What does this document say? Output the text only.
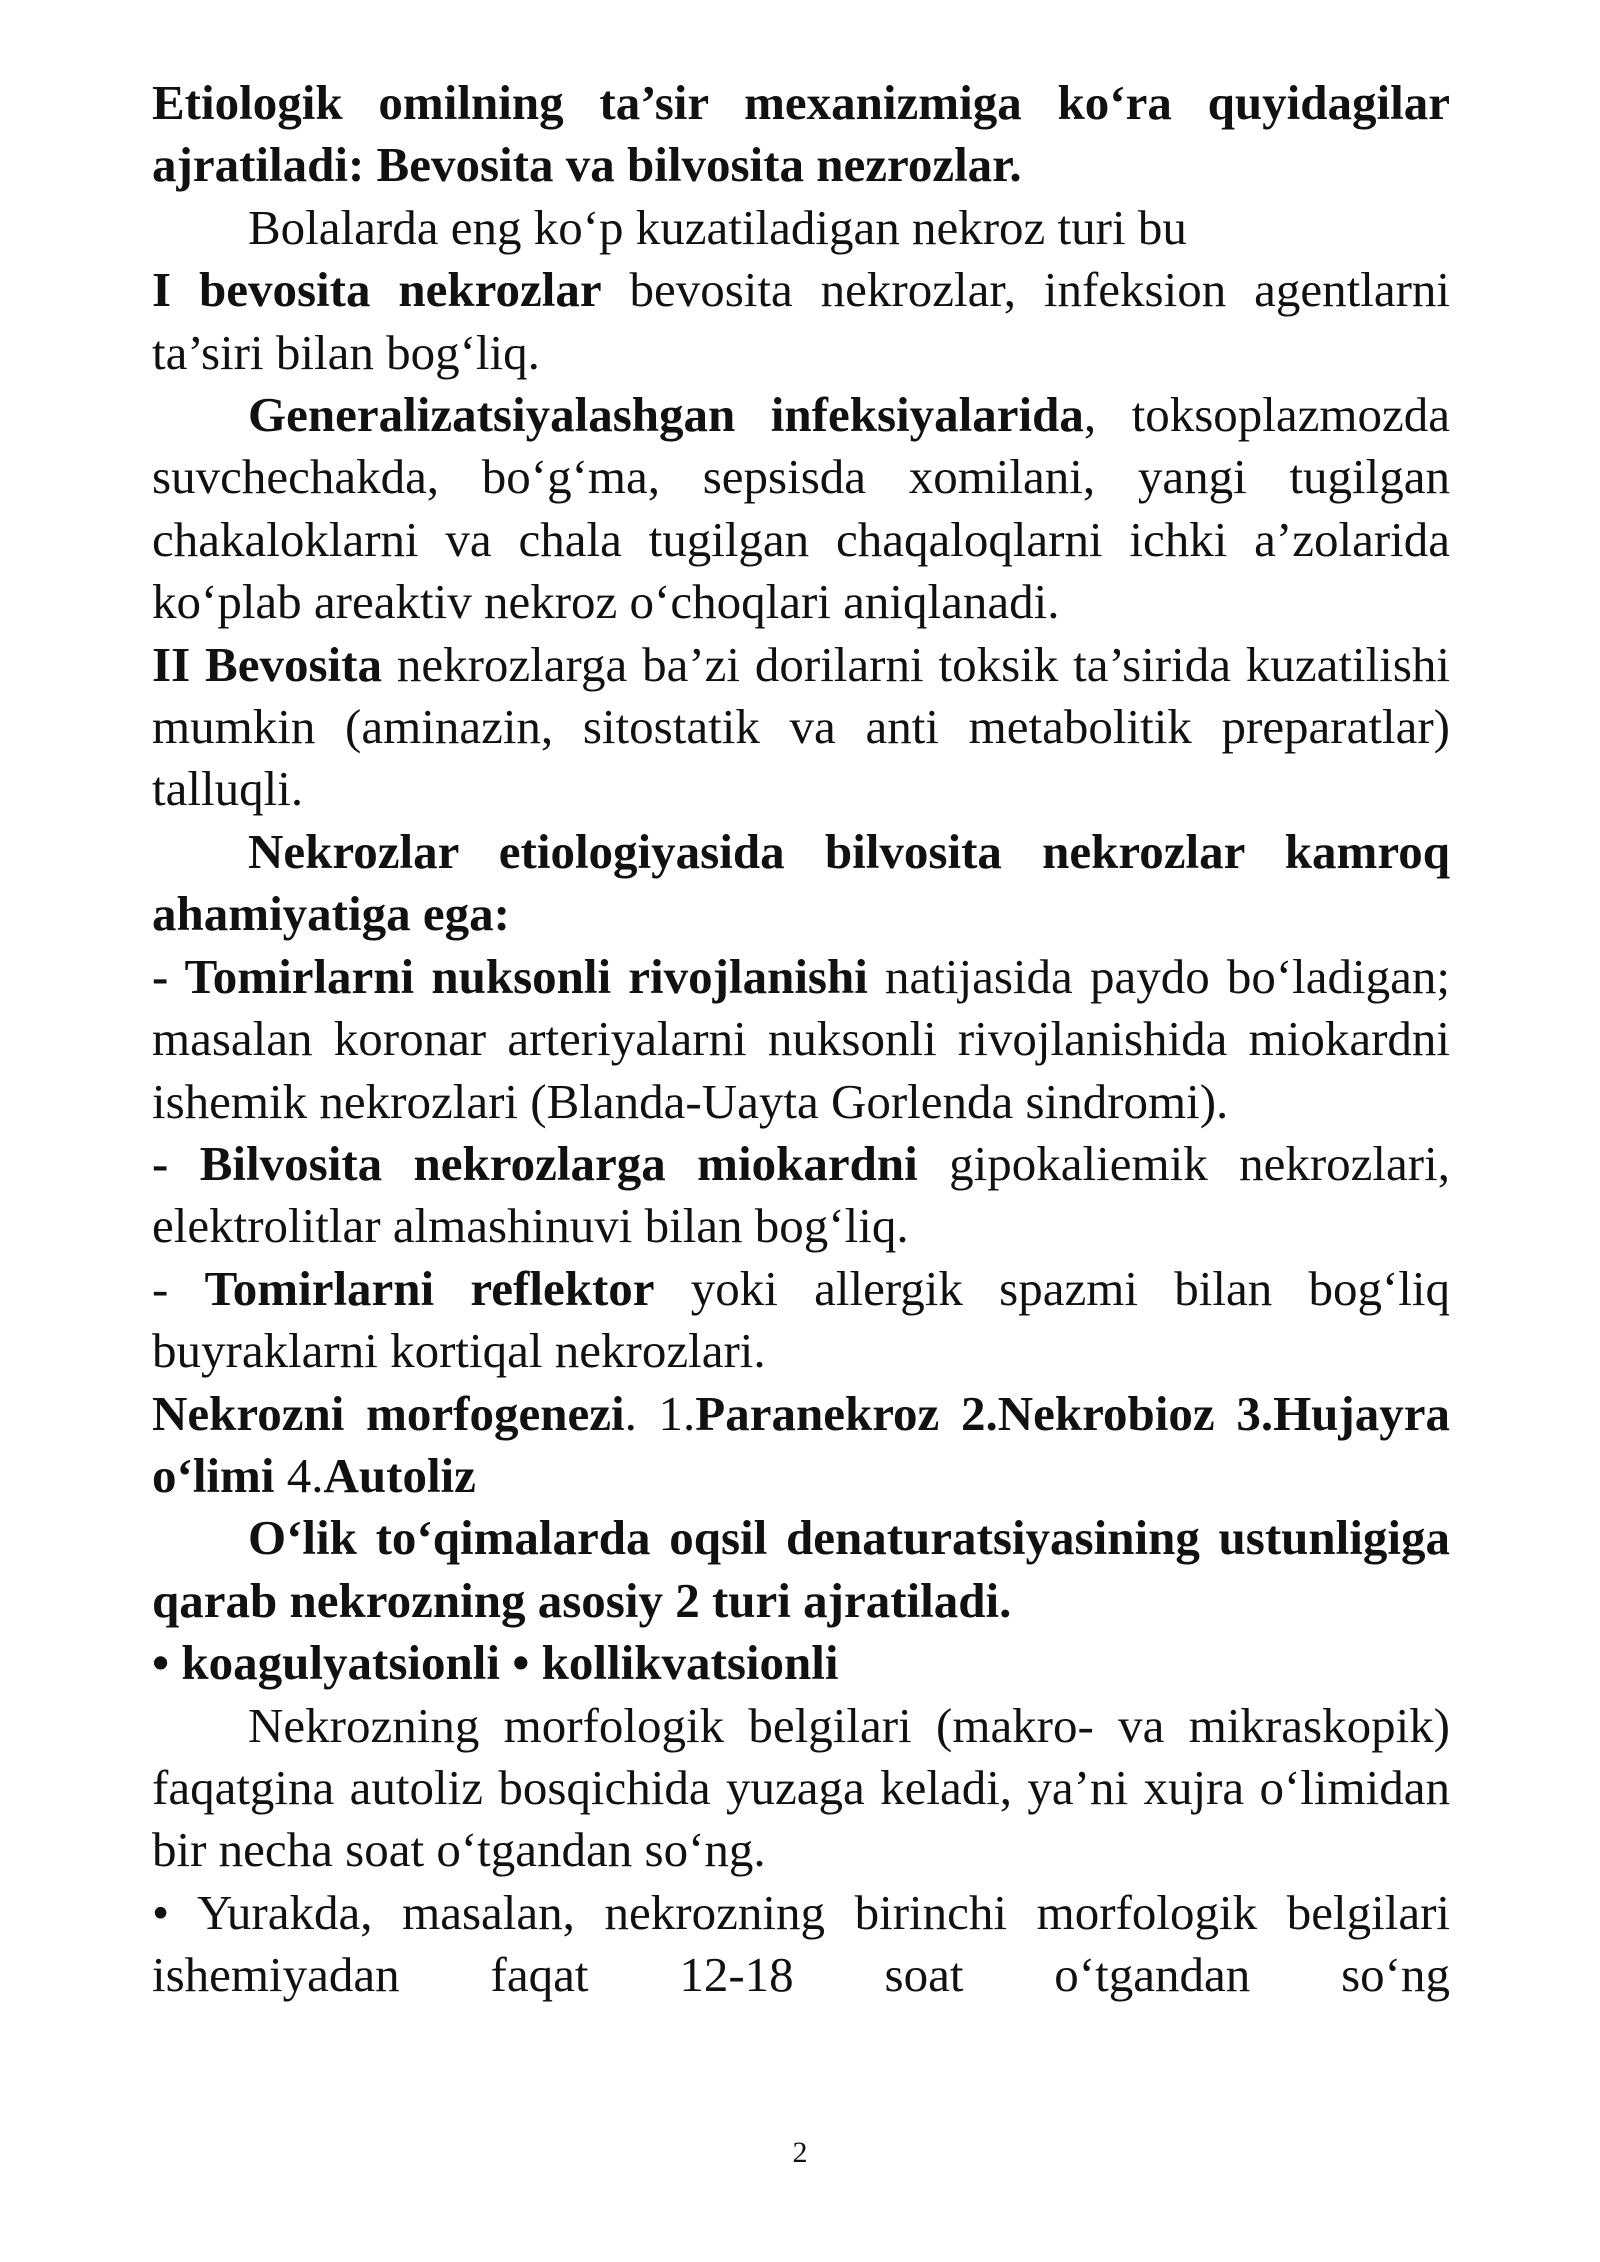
Etiologik omilning ta’sir mexanizmiga ko‘ra quyidagilar ajratiladi: Bevosita va bilvosita nezrozlar.

Bolalarda eng ko‘p kuzatiladigan nekroz turi bu

I bevosita nekrozlar bevosita nekrozlar, infeksion agentlarni ta’siri bilan bog‘liq.

Generalizatsiyalashgan infeksiyalarida, toksoplazmozda suvchechakda, bo‘g‘ma, sepsisda xomilani, yangi tugilgan chakaloklarni va chala tugilgan chaqaloqlarni ichki a’zolarida ko‘plab areaktiv nekroz o‘choqlari aniqlanadi.

II Bevosita nekrozlarga ba’zi dorilarni toksik ta’sirida kuzatilishi mumkin (aminazin, sitostatik va anti metabolitik preparatlar) talluqli.

Nekrozlar etiologiyasida bilvosita nekrozlar kamroq ahamiyatiga ega:

- Tomirlarni nuksonli rivojlanishi natijasida paydo bo‘ladigan; masalan koronar arteriyalarni nuksonli rivojlanishida miokardni ishemik nekrozlari (Blanda-Uayta Gorlenda sindromi).

- Bilvosita nekrozlarga miokardni gipokaliemik nekrozlari, elektrolitlar almashinuvi bilan bog‘liq.

- Tomirlarni reflektor yoki allergik spazmi bilan bog‘liq buyraklarni kortiqal nekrozlari.

Nekrozni morfogenezi. 1.Paranekroz 2.Nekrobioz 3.Hujayra o‘limi 4.Autoliz

O‘lik to‘qimalarda oqsil denaturatsiyasining ustunligiga qarab nekrozning asosiy 2 turi ajratiladi.

• koagulyatsionli • kollikvatsionli

Nekrozning morfologik belgilari (makro- va mikraskopik) faqatgina autoliz bosqichida yuzaga keladi, ya’ni xujra o‘limidan bir necha soat o‘tgandan so‘ng.

• Yurakda, masalan, nekrozning birinchi morfologik belgilari ishemiyadan faqat 12-18 soat o‘tgandan so‘ng

2
